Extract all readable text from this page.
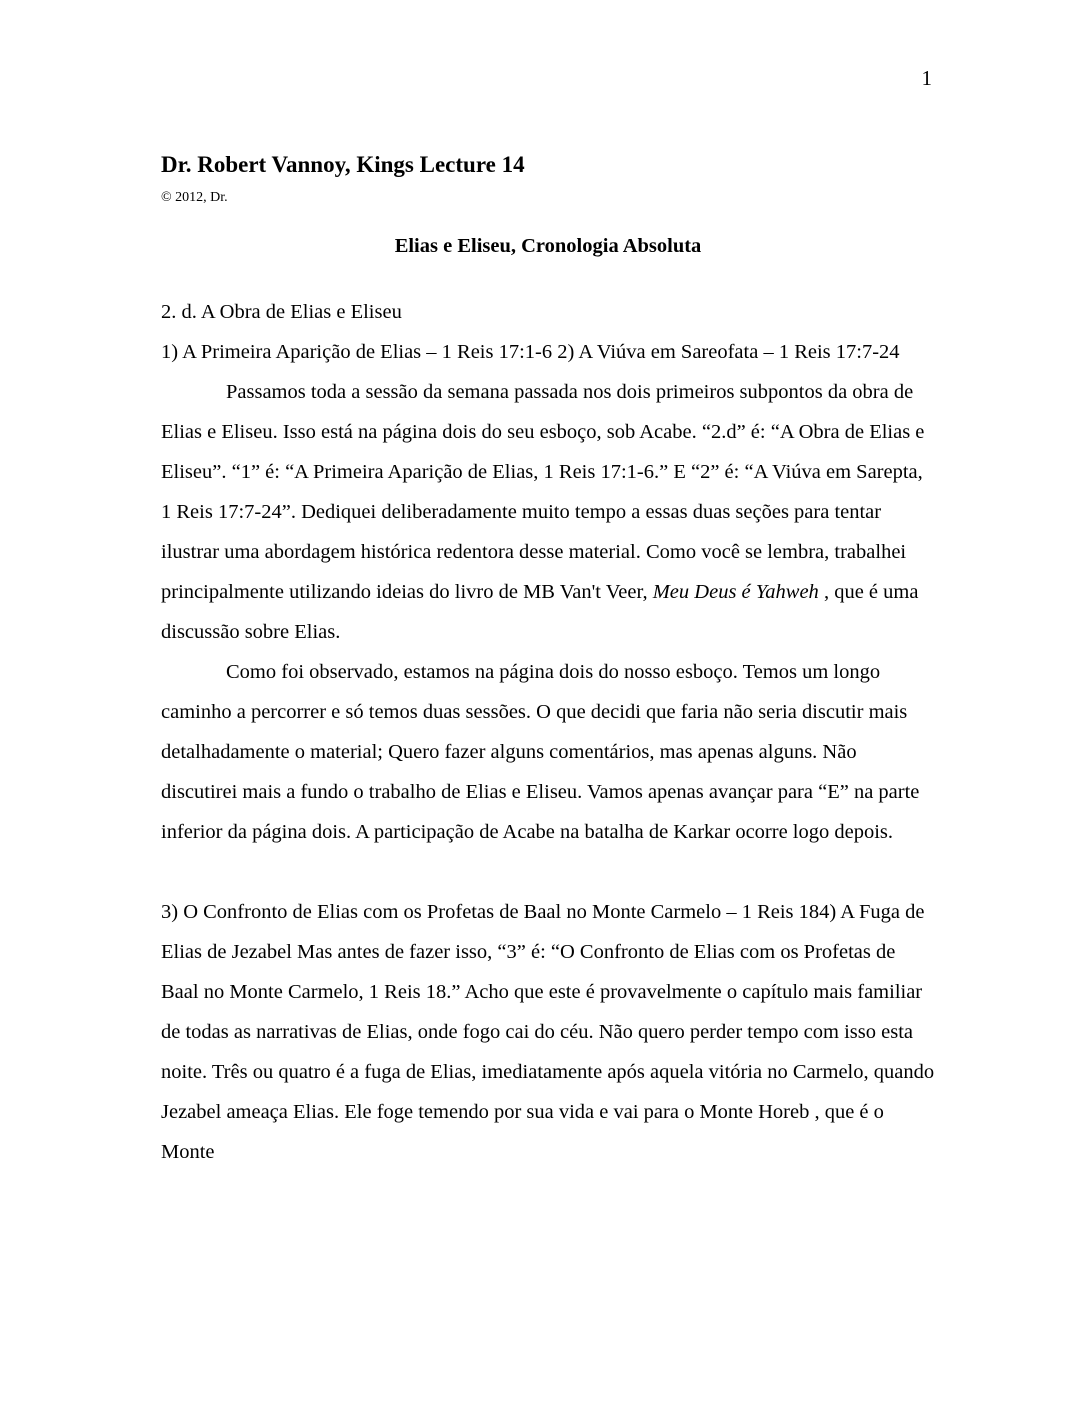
1
Dr. Robert Vannoy, Kings Lecture 14

© 2012, Dr.

Elias e Eliseu, Cronologia Absoluta

2. d. A Obra de Elias e Eliseu

1) A Primeira Aparição de Elias – 1 Reis 17:1-6 2) A Viúva em Sareofata – 1 Reis 17:7-24

Passamos toda a sessão da semana passada nos dois primeiros subpontos da obra de Elias e Eliseu. Isso está na página dois do seu esboço, sob Acabe. “2.d” é: “A Obra de Elias e Eliseu”. “1” é: “A Primeira Aparição de Elias, 1 Reis 17:1-6.” E “2” é: “A Viúva em Sarepta, 1 Reis 17:7-24”. Dediquei deliberadamente muito tempo a essas duas seções para tentar ilustrar uma abordagem histórica redentora desse material. Como você se lembra, trabalhei principalmente utilizando ideias do livro de MB Van't Veer, Meu Deus é Yahweh , que é uma discussão sobre Elias.

Como foi observado, estamos na página dois do nosso esboço. Temos um longo caminho a percorrer e só temos duas sessões. O que decidi que faria não seria discutir mais detalhadamente o material; Quero fazer alguns comentários, mas apenas alguns. Não discutirei mais a fundo o trabalho de Elias e Eliseu. Vamos apenas avançar para “E” na parte inferior da página dois. A participação de Acabe na batalha de Karkar ocorre logo depois.

3) O Confronto de Elias com os Profetas de Baal no Monte Carmelo – 1 Reis 184) A Fuga de Elias de Jezabel Mas antes de fazer isso, “3” é: “O Confronto de Elias com os Profetas de Baal no Monte Carmelo, 1 Reis 18.” Acho que este é provavelmente o capítulo mais familiar de todas as narrativas de Elias, onde fogo cai do céu. Não quero perder tempo com isso esta noite. Três ou quatro é a fuga de Elias, imediatamente após aquela vitória no Carmelo, quando Jezabel ameaça Elias. Ele foge temendo por sua vida e vai para o Monte Horeb , que é o Monte
